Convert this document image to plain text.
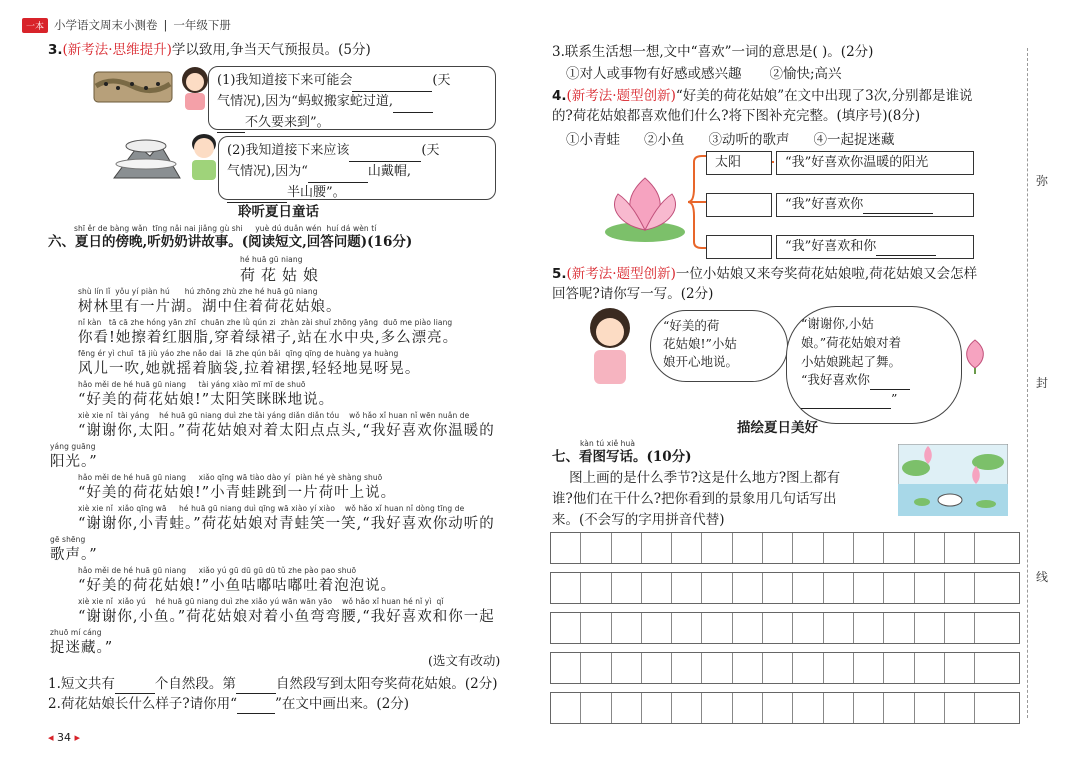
一本 小学语文周末小测卷 | 一年级下册
3.(新考法·思维提升)学以致用,争当天气预报员。(5分)
(1)我知道接下来可能会	(天
气情况),因为“蚂蚁搬家蛇过道,
不久要来到”。
(2)我知道接下来应该	(天
气情况),因为“	山戴帽,
半山腰”。
聆听夏日童话
shī ěr de bàng wǎn  tīng nǎi nai jiǎng gù shi     yuè dú duǎn wén  huí dá wèn tí
六、夏日的傍晚,听奶奶讲故事。(阅读短文,回答问题)(16分)
hé huā gū niang
荷花姑娘
shù lín lǐ  yǒu yí piàn hú      hú zhōng zhù zhe hé huā gū niang
树林里有一片湖。湖中住着荷花姑娘。
nǐ kàn   tā cā zhe hóng yān zhī  chuān zhe lǜ qún zi  zhàn zài shuǐ zhōng yāng  duō me piào liang
你看!她擦着红胭脂,穿着绿裙子,站在水中央,多么漂亮。
fēng ér yì chuī  tā jiù yáo zhe nǎo dai  lā zhe qún bǎi  qīng qīng de huàng ya huàng
风儿一吹,她就摇着脑袋,拉着裙摆,轻轻地晃呀晃。
hǎo měi de hé huā gū niang     tài yáng xiào mī mī de shuō
“好美的荷花姑娘!”太阳笑眯眯地说。
xiè xie nǐ  tài yáng    hé huā gū niang duì zhe tài yáng diǎn diǎn tóu    wǒ hǎo xǐ huan nǐ wēn nuǎn de
“谢谢你,太阳。”荷花姑娘对着太阳点点头,“我好喜欢你温暖的
yáng guāng
阳光。”
hǎo měi de hé huā gū niang     xiǎo qīng wā tiào dào yí  piàn hé yè shàng shuō
“好美的荷花姑娘!”小青蛙跳到一片荷叶上说。
xiè xie nǐ  xiǎo qīng wā     hé huā gū niang duì qīng wā xiào yí xiào    wǒ hǎo xǐ huan nǐ dòng tīng de
“谢谢你,小青蛙。”荷花姑娘对青蛙笑一笑,“我好喜欢你动听的
gē shēng
歌声。”
hǎo měi de hé huā gū niang     xiǎo yú gū dū gū dū tǔ zhe pào pao shuō
“好美的荷花姑娘!”小鱼咕嘟咕嘟吐着泡泡说。
xiè xie nǐ  xiǎo yú    hé huā gū niang duì zhe xiǎo yú wān wān yāo    wǒ hǎo xǐ huan hé nǐ yì  qǐ
“谢谢你,小鱼。”荷花姑娘对着小鱼弯弯腰,“我好喜欢和你一起
zhuō mí cáng
捉迷藏。”
(选文有改动)
1.短文共有	个自然段。第	自然段写到太阳夸奖荷花姑娘。(2分)
2.荷花姑娘长什么样子?请你用“	”在文中画出来。(2分)
◂ 34 ▸
3.联系生活想一想,文中“喜欢”一词的意思是( )。(2分)
①对人或事物有好感或感兴趣 ②愉快;高兴
4.(新考法·题型创新)“好美的荷花姑娘”在文中出现了3次,分别都是谁说
的?荷花姑娘都喜欢他们什么?将下图补充完整。(填序号)(8分)
①小青蛙 ②小鱼 ③动听的歌声 ④一起捉迷藏
太阳	“我”好喜欢你温暖的阳光
“我”好喜欢你
“我”好喜欢和你
5.(新考法·题型创新)一位小姑娘又来夸奖荷花姑娘啦,荷花姑娘又会怎样
回答呢?请你写一写。(2分)
“好美的荷
花姑娘!”小姑
娘开心地说。
“谢谢你,小姑
娘。”荷花姑娘对着
小姑娘跳起了舞。
“我好喜欢你
”
描绘夏日美好
kàn tú xiě huà
七、看图写话。(10分)
图上画的是什么季节?这是什么地方?图上都有
谁?他们在干什么?把你看到的景象用几句话写出
来。(不会写的字用拼音代替)
弥
封
线
